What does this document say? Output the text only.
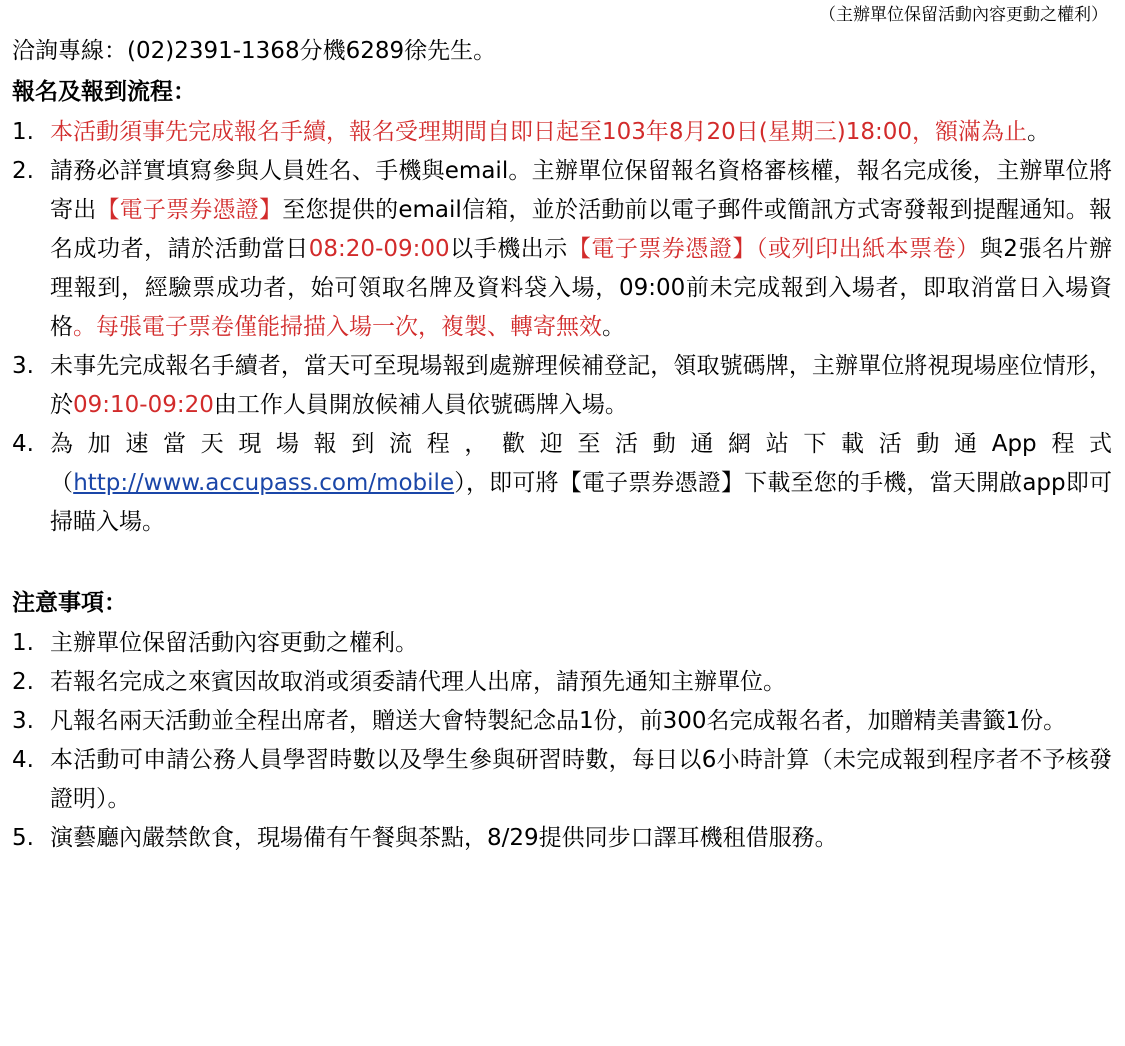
（主辦單位保留活動內容更動之權利）
洽詢專線：(02)2391-1368分機6289徐先生。
報名及報到流程：
1. 本活動須事先完成報名手續，報名受理期間自即日起至103年8月20日(星期三)18:00，額滿為止。
2. 請務必詳實填寫參與人員姓名、手機與email。主辦單位保留報名資格審核權，報名完成後，主辦單位將寄出【電子票券憑證】至您提供的email信箱，並於活動前以電子郵件或簡訊方式寄發報到提醒通知。報名成功者，請於活動當日08:20-09:00以手機出示【電子票券憑證】（或列印出紙本票卷）與2張名片辦理報到，經驗票成功者，始可領取名牌及資料袋入場，09:00前未完成報到入場者，即取消當日入場資格。每張電子票卷僅能掃描入場一次，複製、轉寄無效。
3. 未事先完成報名手續者，當天可至現場報到處辦理候補登記，領取號碼牌，主辦單位將視現場座位情形，於09:10-09:20由工作人員開放候補人員依號碼牌入場。
4. 為加速當天現場報到流程，歡迎至活動通網站下載活動通App程式（http://www.accupass.com/mobile），即可將【電子票券憑證】下載至您的手機，當天開啟app即可掃瞄入場。
注意事項：
1. 主辦單位保留活動內容更動之權利。
2. 若報名完成之來賓因故取消或須委請代理人出席，請預先通知主辦單位。
3. 凡報名兩天活動並全程出席者，贈送大會特製紀念品1份，前300名完成報名者，加贈精美書籤1份。
4. 本活動可申請公務人員學習時數以及學生參與研習時數，每日以6小時計算（未完成報到程序者不予核發證明）。
5. 演藝廳內嚴禁飲食，現場備有午餐與茶點，8/29提供同步口譯耳機租借服務。
